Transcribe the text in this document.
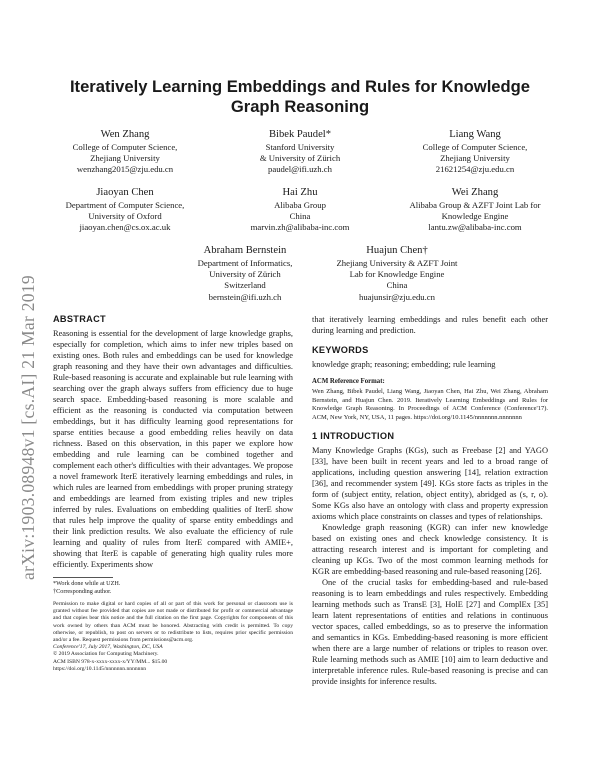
arXiv:1903.08948v1 [cs.AI] 21 Mar 2019
Iteratively Learning Embeddings and Rules for Knowledge Graph Reasoning
Wen Zhang
College of Computer Science,
Zhejiang University
wenzhang2015@zju.edu.cn
Bibek Paudel*
Stanford University
& University of Zürich
paudel@ifi.uzh.ch
Liang Wang
College of Computer Science,
Zhejiang University
21621254@zju.edu.cn
Jiaoyan Chen
Department of Computer Science,
University of Oxford
jiaoyan.chen@cs.ox.ac.uk
Hai Zhu
Alibaba Group
China
marvin.zh@alibaba-inc.com
Wei Zhang
Alibaba Group & AZFT Joint Lab for
Knowledge Engine
lantu.zw@alibaba-inc.com
Abraham Bernstein
Department of Informatics,
University of Zürich
Switzerland
bernstein@ifi.uzh.ch
Huajun Chen†
Zhejiang University & AZFT Joint
Lab for Knowledge Engine
China
huajunsir@zju.edu.cn
ABSTRACT

Reasoning is essential for the development of large knowledge graphs, especially for completion, which aims to infer new triples based on existing ones. Both rules and embeddings can be used for knowledge graph reasoning and they have their own advantages and difficulties. Rule-based reasoning is accurate and explainable but rule learning with searching over the graph always suffers from efficiency due to huge search space. Embedding-based reasoning is more scalable and efficient as the reasoning is conducted via computation between embeddings, but it has difficulty learning good representations for sparse entities because a good embedding relies heavily on data richness. Based on this observation, in this paper we explore how embedding and rule learning can be combined together and complement each other's difficulties with their advantages. We propose a novel framework IterE iteratively learning embeddings and rules, in which rules are learned from embeddings with proper pruning strategy and embeddings are learned from existing triples and new triples inferred by rules. Evaluations on embedding qualities of IterE show that rules help improve the quality of sparse entity embeddings and their link prediction results. We also evaluate the efficiency of rule learning and quality of rules from IterE compared with AMIE+, showing that IterE is capable of generating high quality rules more efficiently. Experiments show

*Work done while at UZH.
†Corresponding author.

Permission to make digital or hard copies of all or part of this work for personal or classroom use is granted without fee provided that copies are not made or distributed for profit or commercial advantage and that copies bear this notice and the full citation on the first page. Copyrights for components of this work owned by others than ACM must be honored. Abstracting with credit is permitted. To copy otherwise, or republish, to post on servers or to redistribute to lists, requires prior specific permission and/or a fee. Request permissions from permissions@acm.org.

Conference'17, July 2017, Washington, DC, USA
© 2019 Association for Computing Machinery.
ACM ISBN 978-x-xxxx-xxxx-x/YY/MM... $15.00
https://doi.org/10.1145/nnnnnnn.nnnnnnn

that iteratively learning embeddings and rules benefit each other during learning and prediction.

KEYWORDS

knowledge graph; reasoning; embedding; rule learning

ACM Reference Format:

Wen Zhang, Bibek Paudel, Liang Wang, Jiaoyan Chen, Hai Zhu, Wei Zhang, Abraham Bernstein, and Huajun Chen. 2019. Iteratively Learning Embeddings and Rules for Knowledge Graph Reasoning. In Proceedings of ACM Conference (Conference'17). ACM, New York, NY, USA, 11 pages. https://doi.org/10.1145/nnnnnnn.nnnnnnn

1 INTRODUCTION

Many Knowledge Graphs (KGs), such as Freebase [2] and YAGO [33], have been built in recent years and led to a broad range of applications, including question answering [14], relation extraction [36], and recommender system [49]. KGs store facts as triples in the form of (subject entity, relation, object entity), abridged as (s, r, o). Some KGs also have an ontology with class and property expression axioms which place constraints on classes and types of relationships.

Knowledge graph reasoning (KGR) can infer new knowledge based on existing ones and check knowledge consistency. It is attracting research interest and is important for completing and cleaning up KGs. Two of the most common learning methods for KGR are embedding-based reasoning and rule-based reasoning [26].

One of the crucial tasks for embedding-based and rule-based reasoning is to learn embeddings and rules respectively. Embedding learning methods such as TransE [3], HolE [27] and ComplEx [35] learn latent representations of entities and relations in continuous vector spaces, called embeddings, so as to preserve the information and semantics in KGs. Embedding-based reasoning is more efficient when there are a large number of relations or triples to reason over. Rule learning methods such as AMIE [10] aim to learn deductive and interpretable inference rules. Rule-based reasoning is precise and can provide insights for inference results.
